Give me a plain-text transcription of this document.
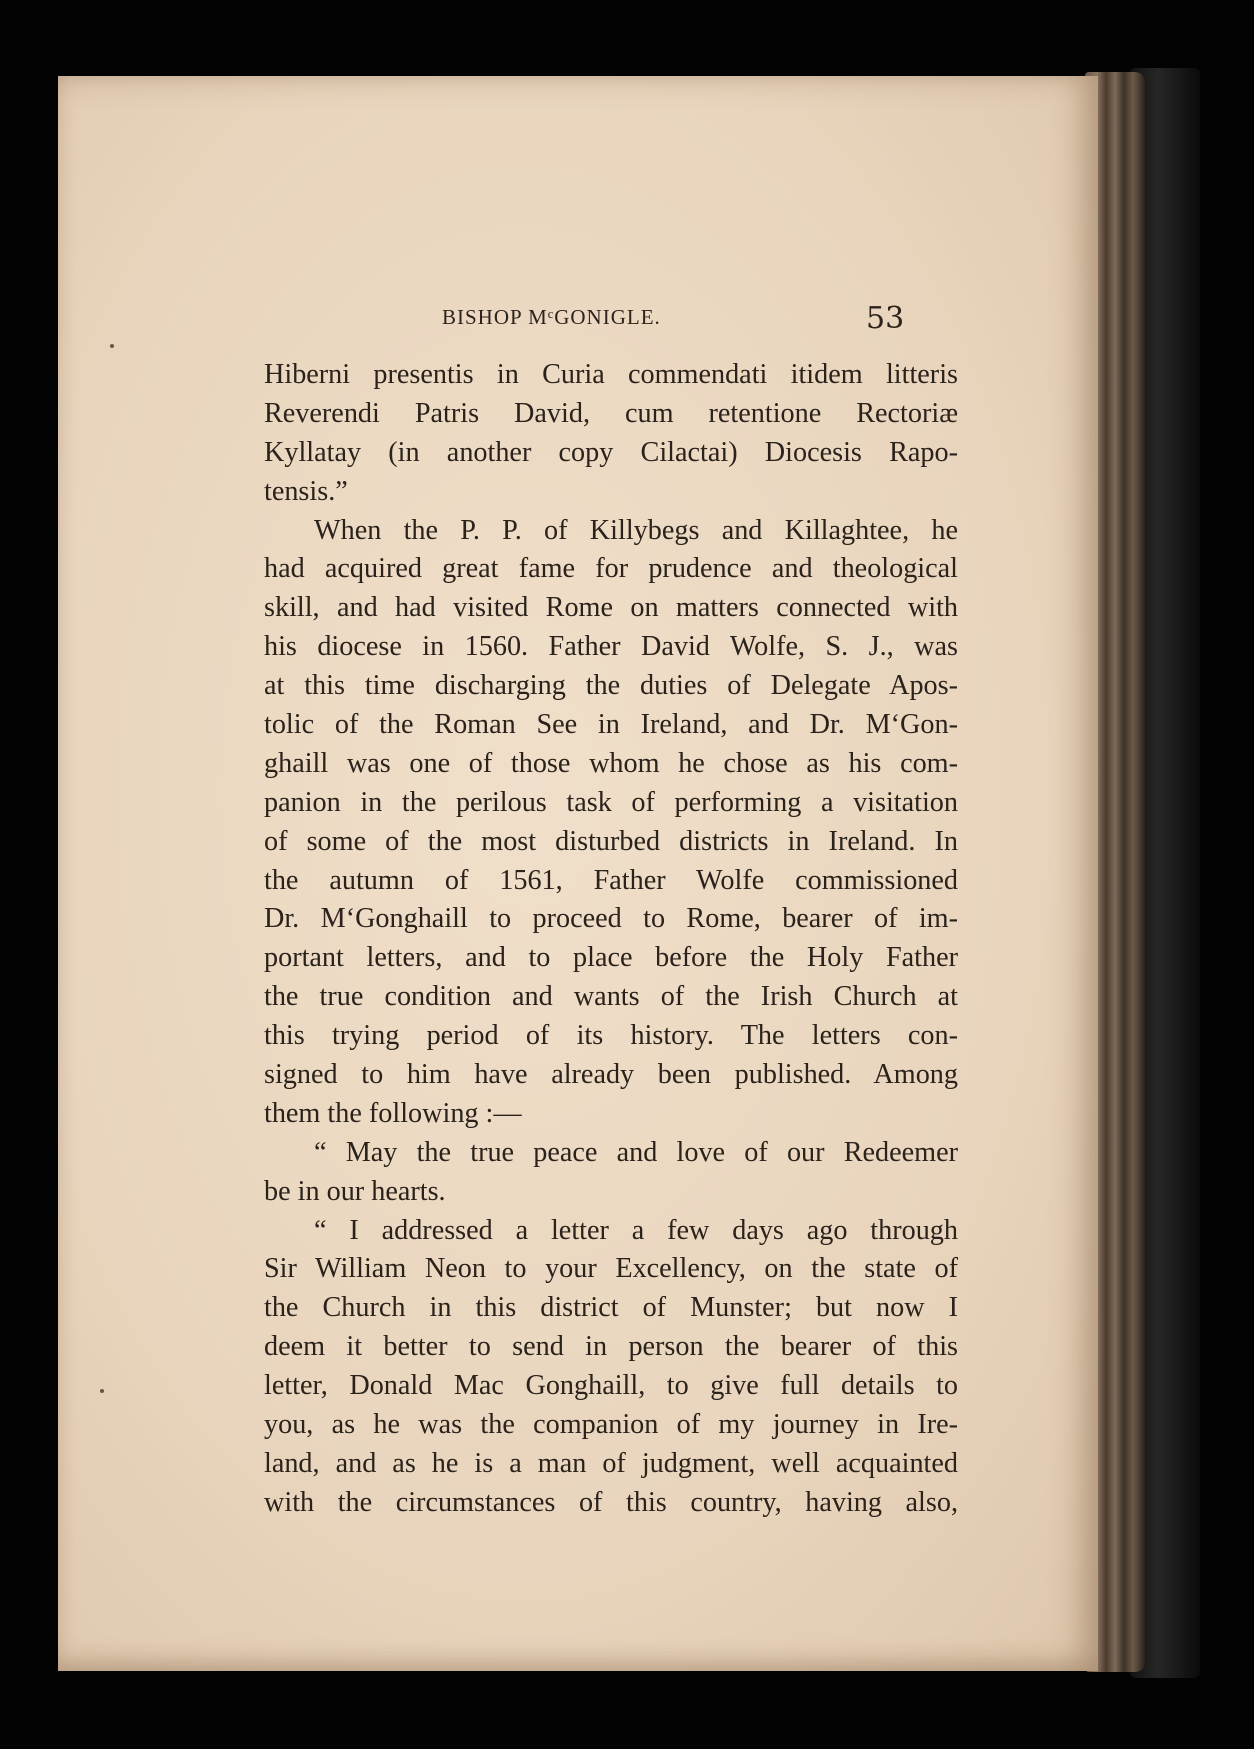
BISHOP MᶜGONIGLE.	53
Hiberni presentis in Curia commendati itidem litteris
Reverendi Patris David, cum retentione Rectoriæ
Kyllatay (in another copy Cilactai) Diocesis Rapo-
tensis.”
When the P. P. of Killybegs and Killaghtee, he
had acquired great fame for prudence and theological
skill, and had visited Rome on matters connected with
his diocese in 1560. Father David Wolfe, S. J., was
at this time discharging the duties of Delegate Apos-
tolic of the Roman See in Ireland, and Dr. M‘Gon-
ghaill was one of those whom he chose as his com-
panion in the perilous task of performing a visitation
of some of the most disturbed districts in Ireland. In
the autumn of 1561, Father Wolfe commissioned
Dr. M‘Gonghaill to proceed to Rome, bearer of im-
portant letters, and to place before the Holy Father
the true condition and wants of the Irish Church at
this trying period of its history. The letters con-
signed to him have already been published. Among
them the following :—
“ May the true peace and love of our Redeemer
be in our hearts.
“ I addressed a letter a few days ago through
Sir William Neon to your Excellency, on the state of
the Church in this district of Munster; but now I
deem it better to send in person the bearer of this
letter, Donald Mac Gonghaill, to give full details to
you, as he was the companion of my journey in Ire-
land, and as he is a man of judgment, well acquainted
with the circumstances of this country, having also,
